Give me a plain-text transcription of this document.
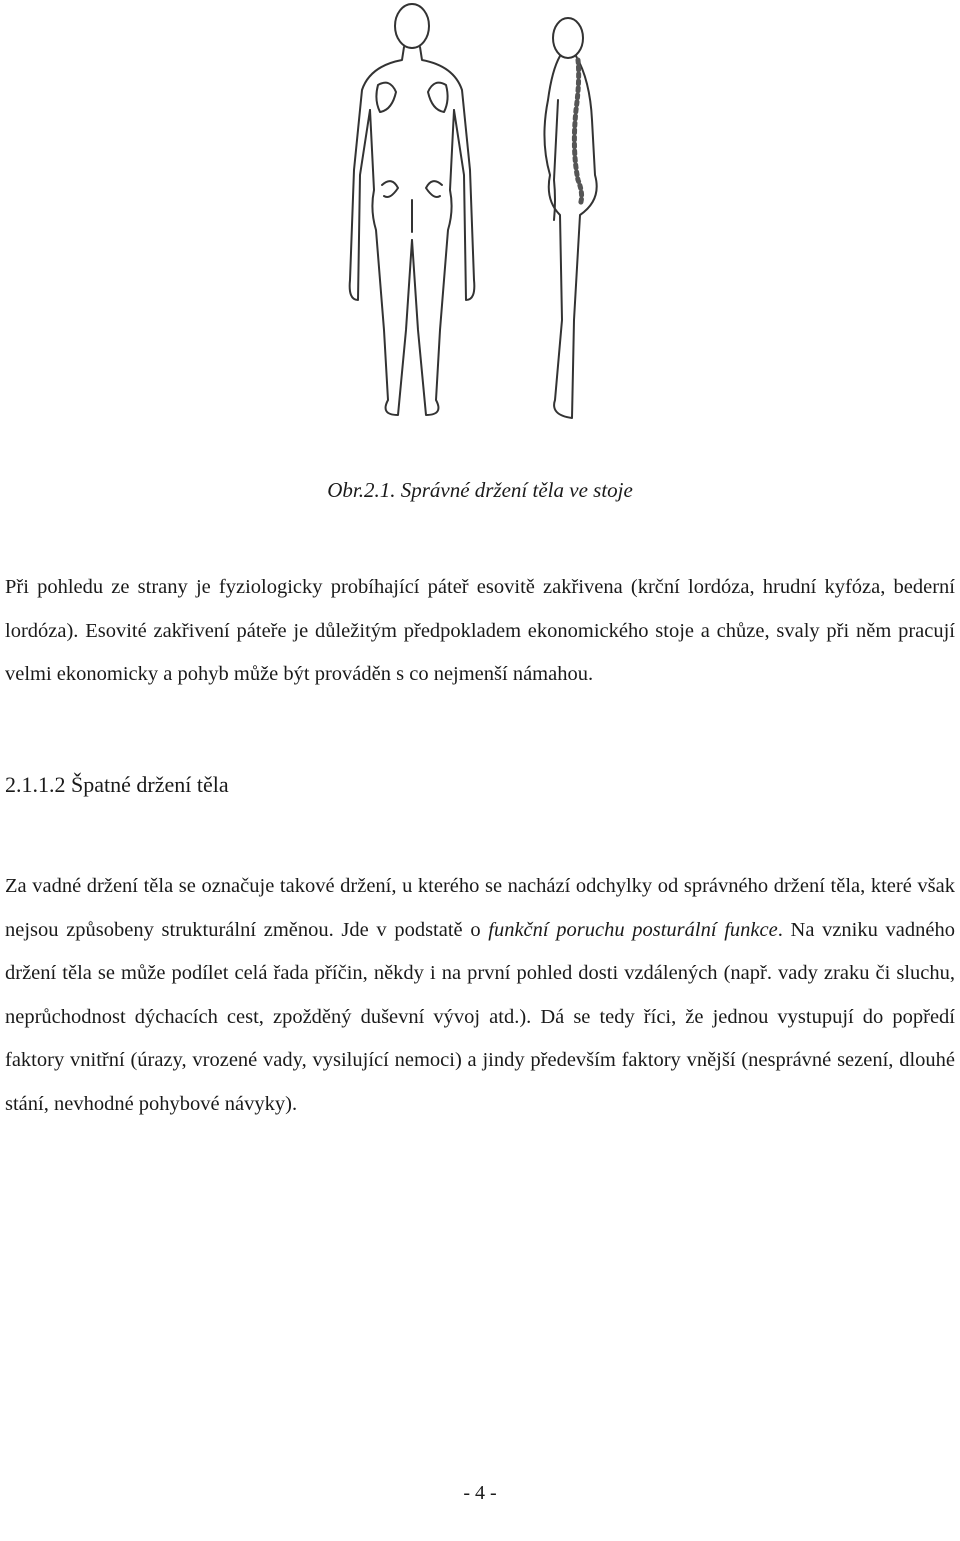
Obr.2.1. Správné držení těla ve stoje

Při pohledu ze strany je fyziologicky probíhající páteř esovitě zakřivena (krční lordóza, hrudní kyfóza, bederní lordóza). Esovité zakřivení páteře je důležitým předpokladem ekonomického stoje a chůze, svaly při něm pracují velmi ekonomicky a pohyb může být prováděn s co nejmenší námahou.

2.1.1.2 Špatné držení těla

Za vadné držení těla se označuje takové držení, u kterého se nachází odchylky od správného držení těla, které však nejsou způsobeny strukturální změnou. Jde v podstatě o funkční poruchu posturální funkce. Na vzniku vadného držení těla se může podílet celá řada příčin, někdy i na první pohled dosti vzdálených (např. vady zraku či sluchu, neprůchodnost dýchacích cest, zpožděný duševní vývoj atd.). Dá se tedy říci, že jednou vystupují do popředí faktory vnitřní (úrazy, vrozené vady, vysilující nemoci) a jindy především faktory vnější (nesprávné sezení, dlouhé stání, nevhodné pohybové návyky).

- 4 -
